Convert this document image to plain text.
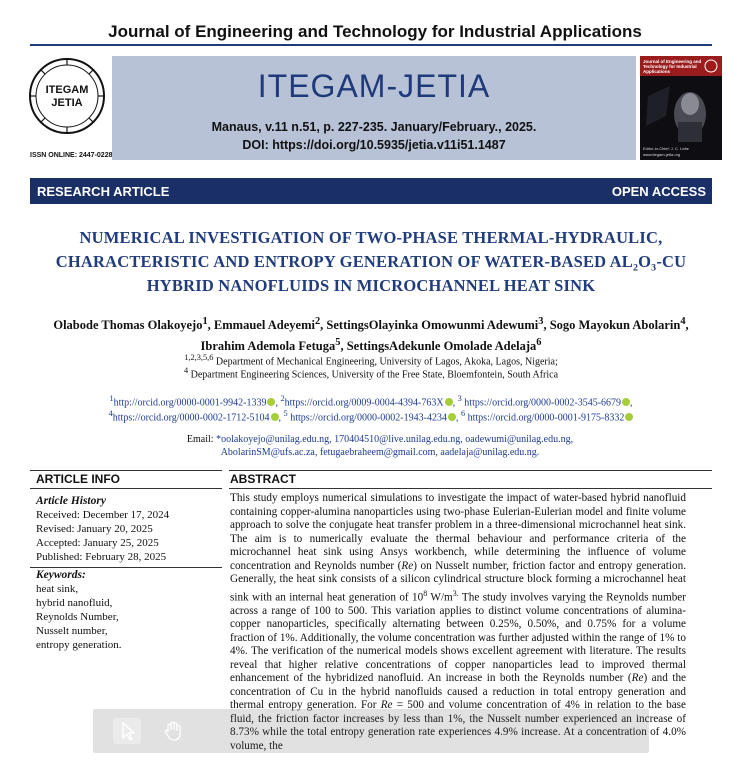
Journal of Engineering and Technology for Industrial Applications
ITEGAM
JETIA
ISSN ONLINE: 2447-0228
ITEGAM-JETIA
Manaus, v.11 n.51, p. 227-235. January/February., 2025.
DOI: https://doi.org/10.5935/jetia.v11i51.1487
Journal of Engineering and Technology for Industrial Applications
Editor-in-Chief: J. C. Leite
www.itegam-jetia.org
RESEARCH ARTICLE	OPEN ACCESS
NUMERICAL INVESTIGATION OF TWO-PHASE THERMAL-HYDRAULIC, CHARACTERISTIC AND ENTROPY GENERATION OF WATER-BASED AL₂O₃-CU HYBRID NANOFLUIDS IN MICROCHANNEL HEAT SINK
Olabode Thomas Olakoyejo$^1$, Emmauel Adeyemi$^2$, SettingsOlayinka Omowunmi Adewumi$^3$, Sogo Mayokun Abolarin$^4$, Ibrahim Ademola Fetuga$^5$, SettingsAdekunle Omolade Adelaja$^6$
$^{1,2,3,5,6}$ Department of Mechanical Engineering, University of Lagos, Akoka, Lagos, Nigeria;
$^4$ Department Engineering Sciences, University of the Free State, Bloemfontein, South Africa
$^1$http://orcid.org/0000-0001-9942-1339 , $^2$https://orcid.org/0009-0004-4394-763X , $^3$ https://orcid.org/0000-0002-3545-6679 ,
$^4$https://orcid.org/0000-0002-1712-5104 , $^5$ https://orcid.org/0000-0002-1943-4234 , $^6$ https://orcid.org/0000-0001-9175-8332
Email: *oolakoyejo@unilag.edu.ng, 170404510@live.unilag.edu.ng, oadewumi@unilag.edu.ng,
AbolarinSM@ufs.ac.za, fetugaebraheem@gmail.com, aadelaja@unilag.edu.ng.
ARTICLE INFO	ABSTRACT
Article History
Received: December 17, 2024
Revised: January 20, 2025
Accepted: January 25, 2025
Published: February 28, 2025
Keywords:
heat sink,
hybrid nanofluid,
Reynolds Number,
Nusselt number,
entropy generation.

This study employs numerical simulations to investigate the impact of water-based hybrid nanofluid containing copper-alumina nanoparticles using two-phase Eulerian-Eulerian model and finite volume approach to solve the conjugate heat transfer problem in a three-dimensional microchannel heat sink. The aim is to numerically evaluate the thermal behaviour and performance criteria of the microchannel heat sink using Ansys workbench, while determining the influence of volume concentration and Reynolds number (Re) on Nusselt number, friction factor and entropy generation. Generally, the heat sink consists of a silicon cylindrical structure block forming a microchannel heat sink with an internal heat generation of $10^8$ $W/m^{3.}$ The study involves varying the Reynolds number across a range of 100 to 500. This variation applies to distinct volume concentrations of alumina-copper nanoparticles, specifically alternating between 0.25%, 0.50%, and 0.75% for a volume fraction of 1%. Additionally, the volume concentration was further adjusted within the range of 1% to 4%. The verification of the numerical models shows excellent agreement with literature. The results reveal that higher relative concentrations of copper nanoparticles lead to improved thermal enhancement of the hybridized nanofluid. An increase in both the Reynolds number (Re) and the concentration of Cu in the hybrid nanofluids caused a reduction in total entropy generation and thermal entropy generation. For Re = 500 and volume concentration of 4% in relation to the base fluid, the friction factor increases by less than 1%, the Nusselt number experienced an increase of 8.73% while the total entropy generation rate experiences 4.9% increase. At a concentration of 4.0% volume, the
